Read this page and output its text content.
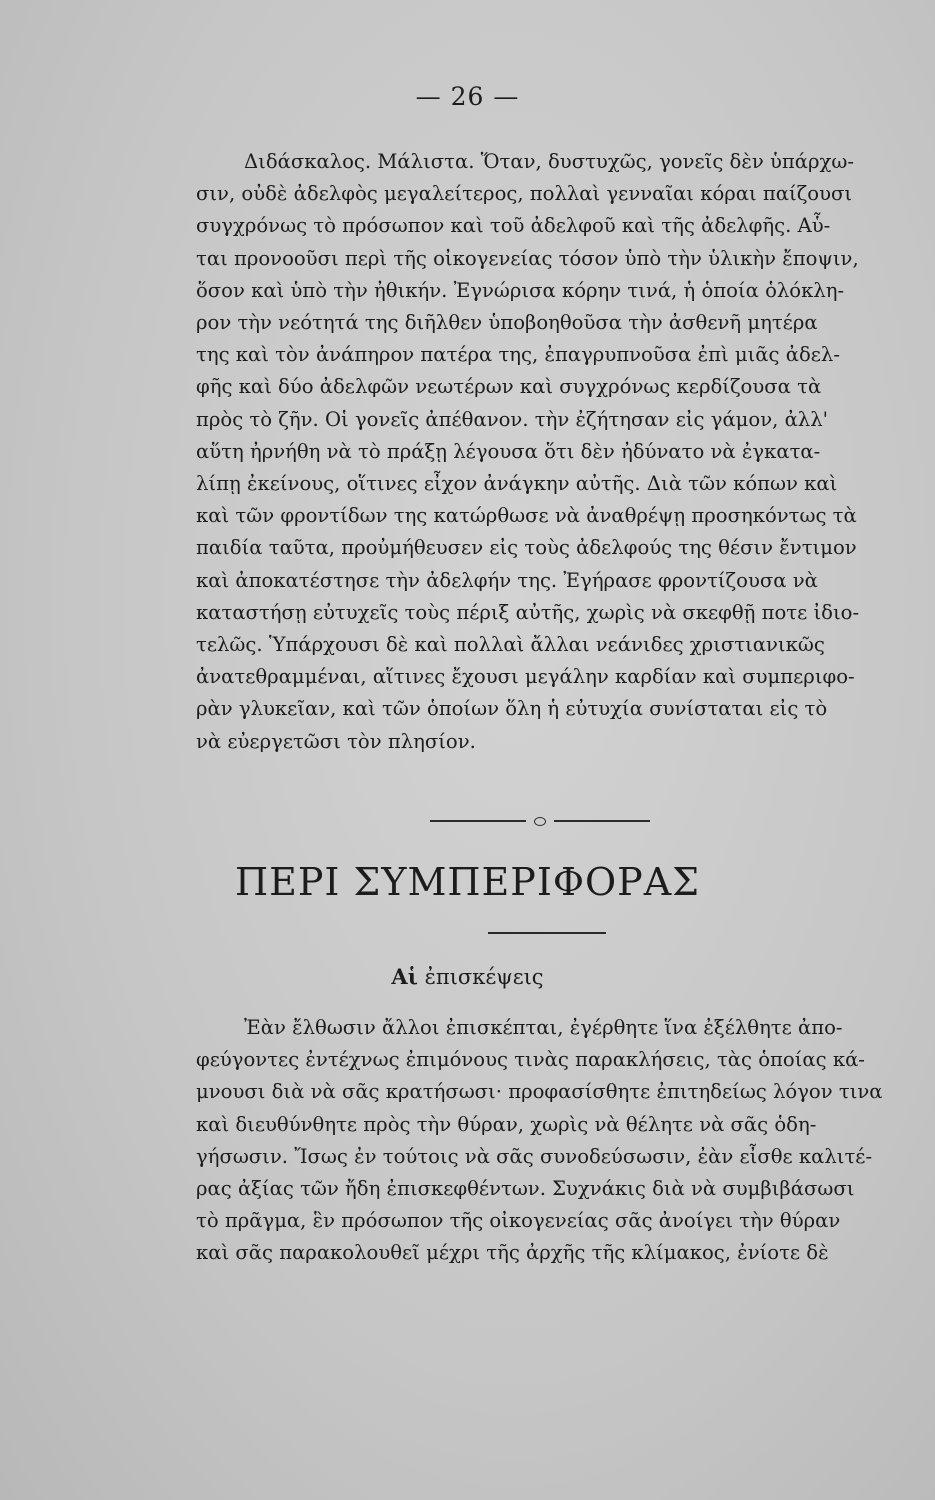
— 26 —
Διδάσκαλος. Μάλιστα. Ὅταν, δυστυχῶς, γονεῖς δὲν ὑπάρχω-
σιν, οὐδὲ ἀδελφὸς μεγαλείτερος, πολλαὶ γενναῖαι κόραι παίζουσι
συγχρόνως τὸ πρόσωπον καὶ τοῦ ἀδελφοῦ καὶ τῆς ἀδελφῆς. Αὗ-
ται προνοοῦσι περὶ τῆς οἰκογενείας τόσον ὑπὸ τὴν ὑλικὴν ἔποψιν,
ὅσον καὶ ὑπὸ τὴν ἠθικήν. Ἐγνώρισα κόρην τινά, ἡ ὁποία ὁλόκλη-
ρον τὴν νεότητά της διῆλθεν ὑποβοηθοῦσα τὴν ἀσθενῆ μητέρα
της καὶ τὸν ἀνάπηρον πατέρα της, ἐπαγρυπνοῦσα ἐπὶ μιᾶς ἀδελ-
φῆς καὶ δύο ἀδελφῶν νεωτέρων καὶ συγχρόνως κερδίζουσα τὰ
πρὸς τὸ ζῆν. Οἱ γονεῖς ἀπέθανον. τὴν ἐζήτησαν εἰς γάμον, ἀλλ'
αὕτη ἠρνήθη νὰ τὸ πράξῃ λέγουσα ὅτι δὲν ἠδύνατο νὰ ἐγκατα-
λίπῃ ἐκείνους, οἵτινες εἶχον ἀνάγκην αὐτῆς. Διὰ τῶν κόπων καὶ
καὶ τῶν φροντίδων της κατώρθωσε νὰ ἀναθρέψῃ προσηκόντως τὰ
παιδία ταῦτα, προὐμήθευσεν εἰς τοὺς ἀδελφούς της θέσιν ἔντιμον
καὶ ἀποκατέστησε τὴν ἀδελφήν της. Ἐγήρασε φροντίζουσα νὰ
καταστήσῃ εὐτυχεῖς τοὺς πέριξ αὐτῆς, χωρὶς νὰ σκεφθῇ ποτε ἰδιο-
τελῶς. Ὑπάρχουσι δὲ καὶ πολλαὶ ἄλλαι νεάνιδες χριστιανικῶς
ἀνατεθραμμέναι, αἵτινες ἔχουσι μεγάλην καρδίαν καὶ συμπεριφο-
ρὰν γλυκεῖαν, καὶ τῶν ὁποίων ὅλη ἡ εὐτυχία συνίσταται εἰς τὸ
νὰ εὐεργετῶσι τὸν πλησίον.
ΠΕΡΙ ΣΥΜΠΕΡΙΦΟΡΑΣ
Αἱ ἐπισκέψεις
Ἐὰν ἔλθωσιν ἄλλοι ἐπισκέπται, ἐγέρθητε ἵνα ἐξέλθητε ἀπο-
φεύγοντες ἐντέχνως ἐπιμόνους τινὰς παρακλήσεις, τὰς ὁποίας κά-
μνουσι διὰ νὰ σᾶς κρατήσωσι· προφασίσθητε ἐπιτηδείως λόγον τινα
καὶ διευθύνθητε πρὸς τὴν θύραν, χωρὶς νὰ θέλητε νὰ σᾶς ὁδη-
γήσωσιν. Ἴσως ἐν τούτοις νὰ σᾶς συνοδεύσωσιν, ἐὰν εἶσθε καλιτέ-
ρας ἀξίας τῶν ἤδη ἐπισκεφθέντων. Συχνάκις διὰ νὰ συμβιβάσωσι
τὸ πρᾶγμα, ἓν πρόσωπον τῆς οἰκογενείας σᾶς ἀνοίγει τὴν θύραν
καὶ σᾶς παρακολουθεῖ μέχρι τῆς ἀρχῆς τῆς κλίμακος, ἐνίοτε δὲ
